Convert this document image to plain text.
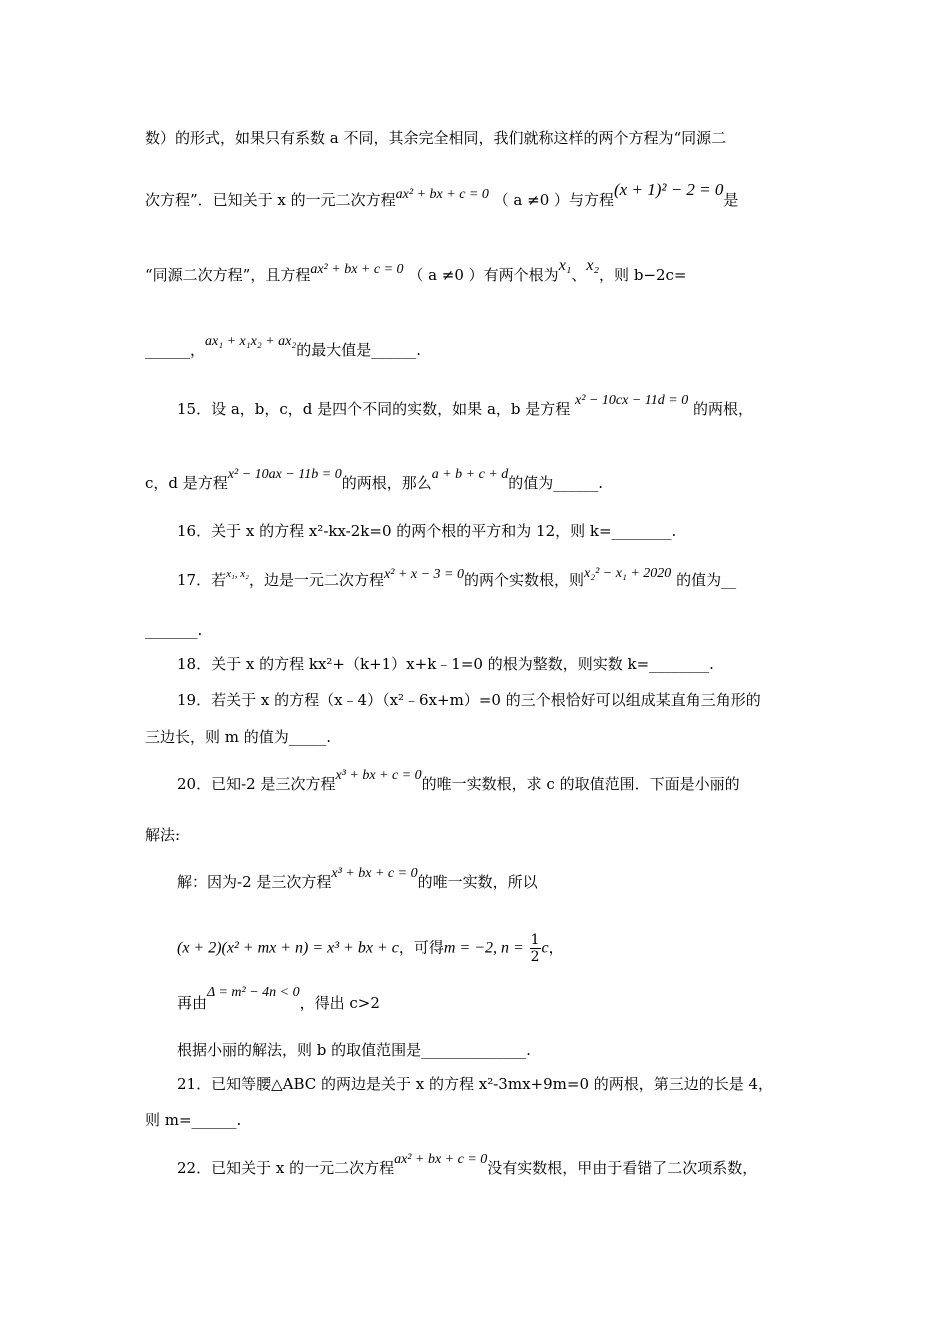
数）的形式，如果只有系数 a 不同，其余完全相同，我们就称这样的两个方程为“同源二
次方程”．已知关于 x 的一元二次方程ax² + bx + c = 0 （ a ≠0 ）与方程(x + 1)² − 2 = 0是
“同源二次方程”，且方程ax² + bx + c = 0 （ a ≠0 ）有两个根为x₁、x₂，则 b−2c=
______，ax₁ + x₁x₂ + ax₂的最大值是______.
15．设 a，b，c，d 是四个不同的实数，如果 a，b 是方程 x² − 10cx − 11d = 0 的两根，
c，d 是方程x² − 10ax − 11b = 0的两根，那么a + b + c + d的值为______.
16．关于 x 的方程 x²-kx-2k=0 的两个根的平方和为 12，则 k=________.
17．若$^{x_1, x_2}$，边是一元二次方程x² + x − 3 = 0的两个实数根，则x₂² − x₁ + 2020 的值为__
_______.
18．关于 x 的方程 kx²+（k+1）x+k﹣1=0 的根为整数，则实数 k=________.
19．若关于 x 的方程（x﹣4）（x²﹣6x+m）=0 的三个根恰好可以组成某直角三角形的
三边长，则 m 的值为_____.
20．已知-2 是三次方程x³ + bx + c = 0的唯一实数根，求 c 的取值范围．下面是小丽的
解法:
解：因为-2 是三次方程x³ + bx + c = 0的唯一实数，所以
(x + 2)(x² + mx + n) = x³ + bx + c，可得m = −2, $n = \frac{1}{2}$ c，
再由Δ = m² − 4n < 0，得出 c>2
根据小丽的解法，则 b 的取值范围是______________.
21．已知等腰△ABC 的两边是关于 x 的方程 x²-3mx+9m=0 的两根，第三边的长是 4，
则 m=______.
22．已知关于 x 的一元二次方程ax² + bx + c = 0没有实数根，甲由于看错了二次项系数，
